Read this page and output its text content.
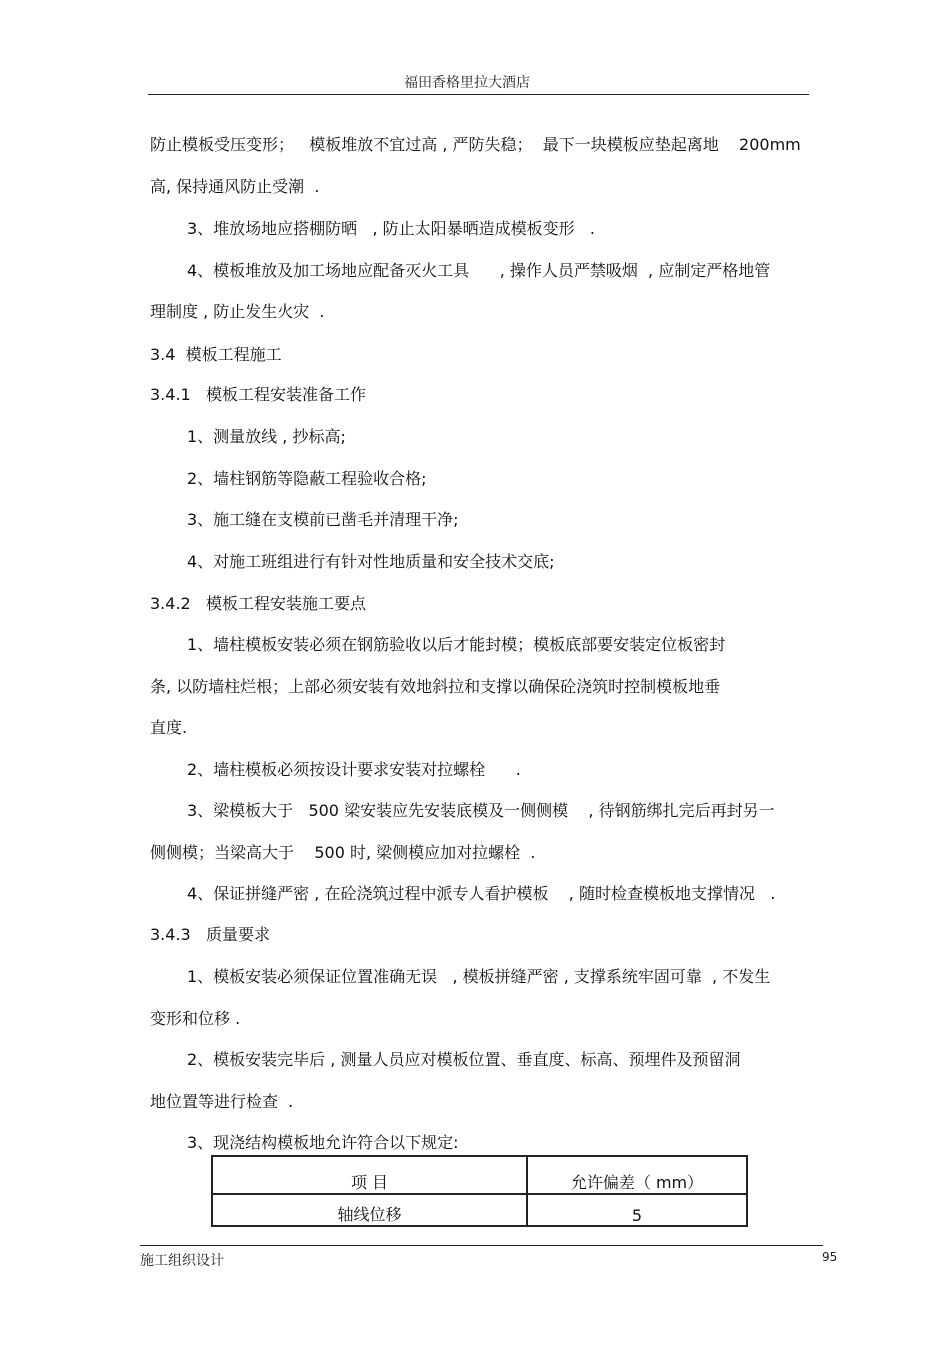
福田香格里拉大酒店
防止模板受压变形；   模板堆放不宜过高 , 严防失稳；  最下一块模板应垫起离地    200mm
高, 保持通风防止受潮  .
3、堆放场地应搭棚防晒   , 防止太阳暴晒造成模板变形   .
4、模板堆放及加工场地应配备灭火工具      , 操作人员严禁吸烟  , 应制定严格地管
理制度 , 防止发生火灾  .
3.4  模板工程施工
3.4.1   模板工程安装准备工作
1、测量放线 , 抄标高;
2、墙柱钢筋等隐蔽工程验收合格;
3、施工缝在支模前已凿毛并清理干净;
4、对施工班组进行有针对性地质量和安全技术交底;
3.4.2   模板工程安装施工要点
1、墙柱模板安装必须在钢筋验收以后才能封模；模板底部要安装定位板密封
条, 以防墙柱烂根；上部必须安装有效地斜拉和支撑以确保砼浇筑时控制模板地垂
直度.
2、墙柱模板必须按设计要求安装对拉螺栓      .
3、梁模板大于   500 梁安装应先安装底模及一侧侧模    , 待钢筋绑扎完后再封另一
侧侧模；当梁高大于    500 时, 梁侧模应加对拉螺栓  .
4、保证拼缝严密 , 在砼浇筑过程中派专人看护模板    , 随时检查模板地支撑情况   .
3.4.3   质量要求
1、模板安装必须保证位置准确无误   , 模板拼缝严密 , 支撑系统牢固可靠  , 不发生
变形和位移 .
2、模板安装完毕后 , 测量人员应对模板位置、垂直度、标高、预埋件及预留洞
地位置等进行检查  .
3、现浇结构模板地允许符合以下规定:
项 目	允许偏差（ mm）
轴线位移	5
施工组织设计	95
